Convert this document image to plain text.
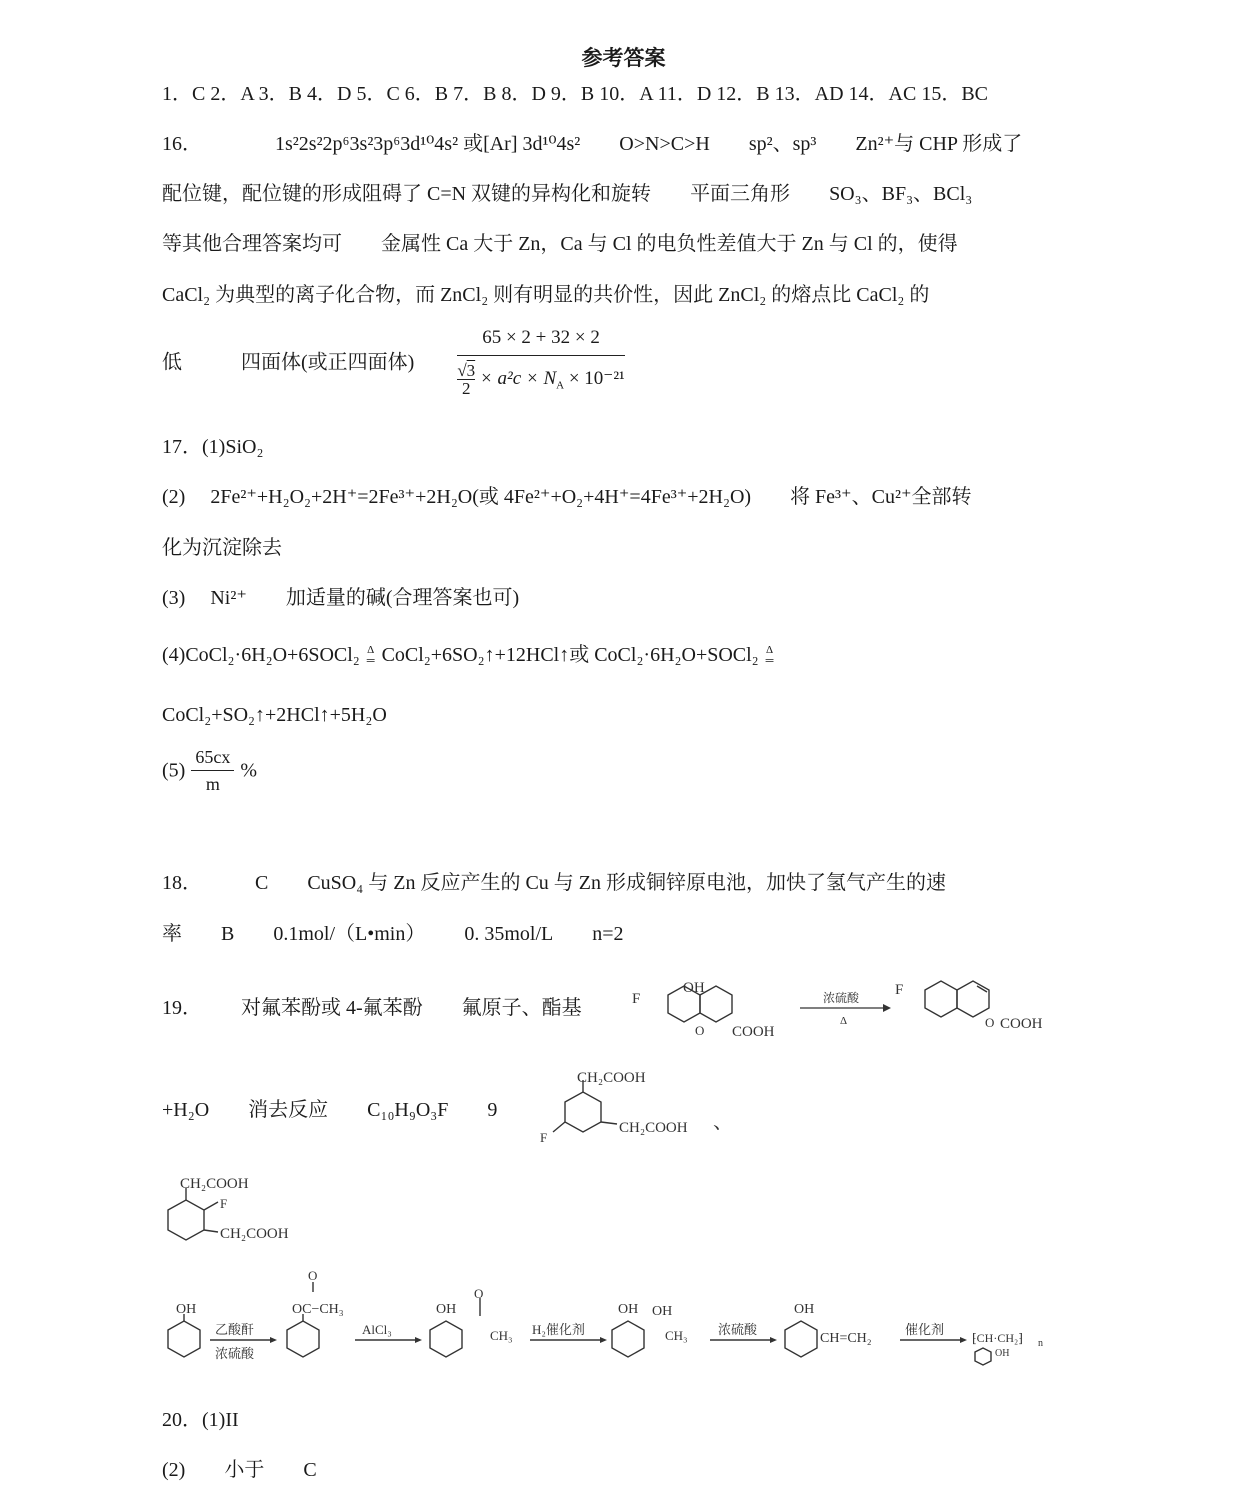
参考答案
1．C 2．A 3．B 4．D 5．C 6．B 7．B 8．D 9．B 10．A 11．D 12．B 13．AD 14．AC 15．BC
16．	1s²2s²2p⁶3s²3p⁶3d¹⁰4s² 或[Ar] 3d¹⁰4s² O>N>C>H sp²、sp³ Zn²⁺与 CHP 形成了
配位键，配位键的形成阻碍了 C=N 双键的异构化和旋转 平面三角形 SO₃、BF₃、BCl₃
等其他合理答案均可 金属性 Ca 大于 Zn，Ca 与 Cl 的电负性差值大于 Zn 与 Cl 的，使得
CaCl₂ 为典型的离子化合物，而 ZnCl₂ 则有明显的共价性，因此 ZnCl₂ 的熔点比 CaCl₂ 的
低	四面体(或正四面体) $\frac{65 \times 2 + 32 \times 2}{\frac{√3}{2} \times a^2c \times N_A \times 10^{-21}}$
17．(1)SiO₂
(2)　 2Fe²⁺+H₂O₂+2H⁺=2Fe³⁺+2H₂O(或 4Fe²⁺+O₂+4H⁺=4Fe³⁺+2H₂O) 将 Fe³⁺、Cu²⁺全部转
化为沉淀除去
(3)　 Ni²⁺ 加适量的碱(合理答案也可)
(4)CoCl₂·6H₂O+6SOCl₂ Δ
═ CoCl₂+6SO₂↑+12HCl↑或 CoCl₂·6H₂O+SOCl₂ Δ
═
CoCl₂+SO₂↑+2HCl↑+5H₂O
$(5) \frac{65cx}{m}$ %
18．	C CuSO₄ 与 Zn 反应产生的 Cu 与 Zn 形成铜锌原电池，加快了氢气产生的速
率 B 0.1mol/（L•min） 0. 35mol/L n=2
19． 对氟苯酚或 4-氟苯酚 氟原子、酯基
OH
F
O COOH
浓硫酸
Δ
F
O COOH
+H₂O 消去反应 C₁₀H₉O₃F 9
CH₂COOH
CH₂COOH
F
、
CH₂COOH
F
CH₂COOH
OH
乙酸酐
浓硫酸
O
OC−CH₃
AlCl₃
OH
O
CH₃ H₂催化剂
OH OH
CH₃ 浓硫酸
OH
CH=CH₂
催化剂
⁅CH·CH₂⁆ n
OH
20．(1)II
(2) 小于 C
